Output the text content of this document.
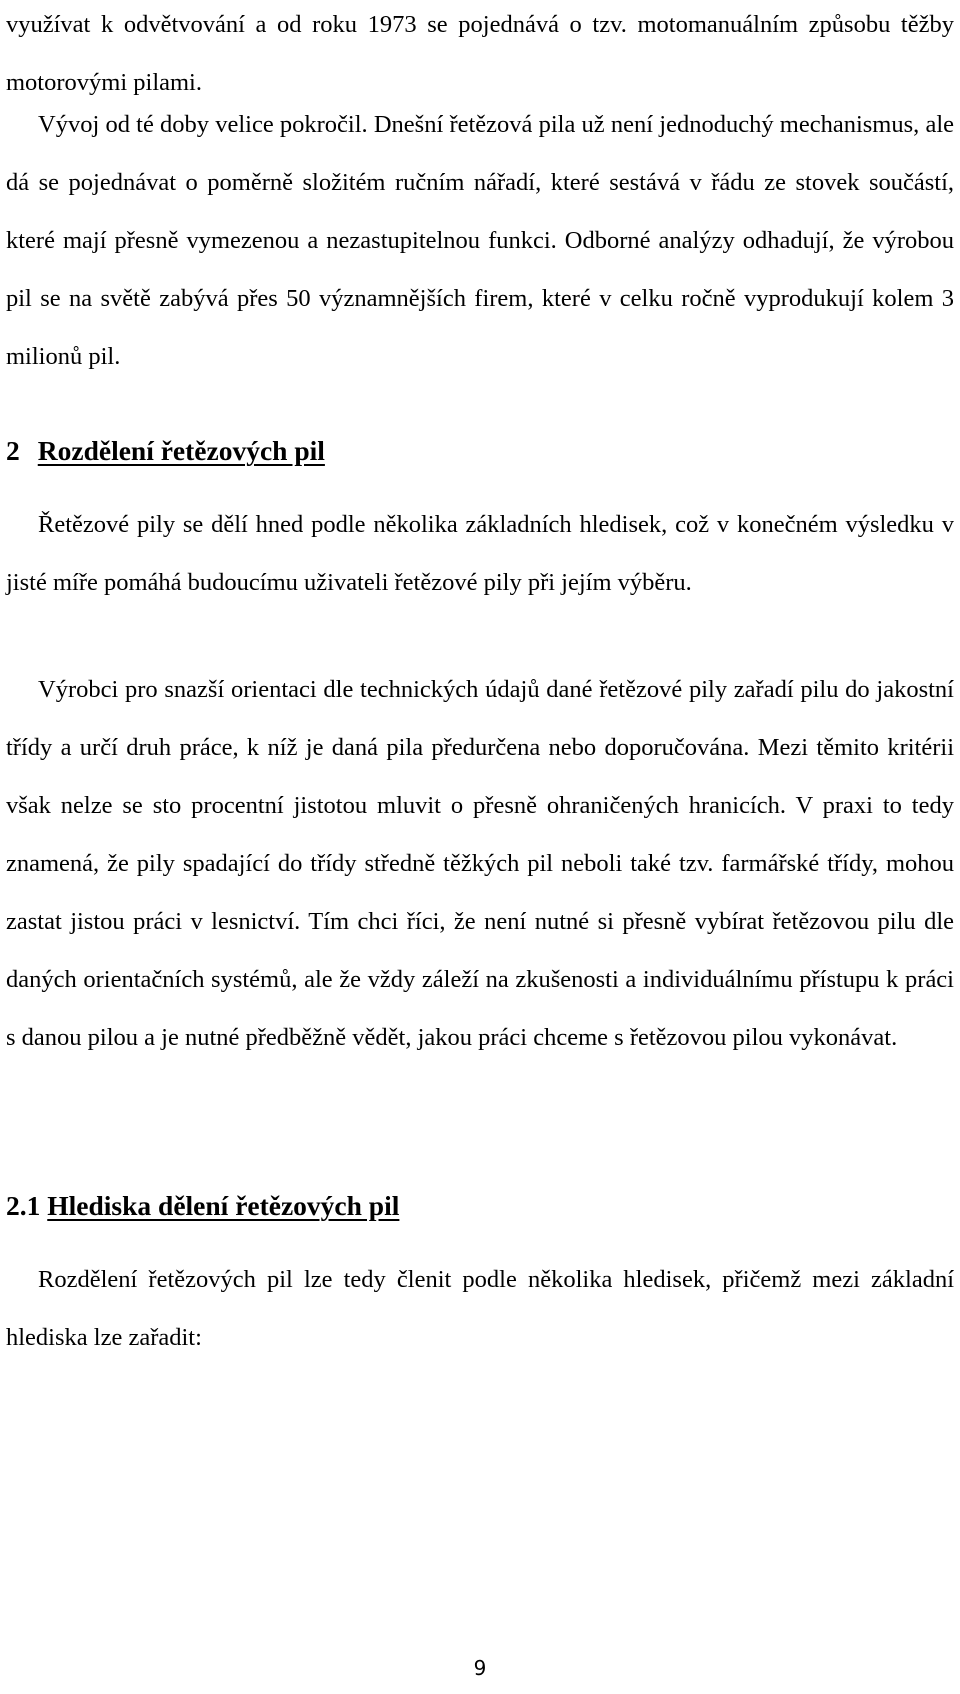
využívat k odvětvování a od roku 1973 se pojednává o tzv. motomanuálním způsobu těžby motorovými pilami.

Vývoj od té doby velice pokročil. Dnešní řetězová pila už není jednoduchý mechanismus, ale dá se pojednávat o poměrně složitém ručním nářadí, které sestává v řádu ze stovek součástí, které mají přesně vymezenou a nezastupitelnou funkci. Odborné analýzy odhadují, že výrobou pil se na světě zabývá přes 50 významnějších firem, které v celku ročně vyprodukují kolem 3 milionů pil.

2 Rozdělení řetězových pil

Řetězové pily se dělí hned podle několika základních hledisek, což v konečném výsledku v jisté míře pomáhá budoucímu uživateli řetězové pily při jejím výběru.

Výrobci pro snazší orientaci dle technických údajů dané řetězové pily zařadí pilu do jakostní třídy a určí druh práce, k níž je daná pila předurčena nebo doporučována. Mezi těmito kritérii však nelze se sto procentní jistotou mluvit o přesně ohraničených hranicích. V praxi to tedy znamená, že pily spadající do třídy středně těžkých pil neboli také tzv. farmářské třídy, mohou zastat jistou práci v lesnictví. Tím chci říci, že není nutné si přesně vybírat řetězovou pilu dle daných orientačních systémů, ale že vždy záleží na zkušenosti a individuálnímu přístupu k práci s danou pilou a je nutné předběžně vědět, jakou práci chceme s řetězovou pilou vykonávat.

2.1 Hlediska dělení řetězových pil

Rozdělení řetězových pil lze tedy členit podle několika hledisek, přičemž mezi základní hlediska lze zařadit:

9
